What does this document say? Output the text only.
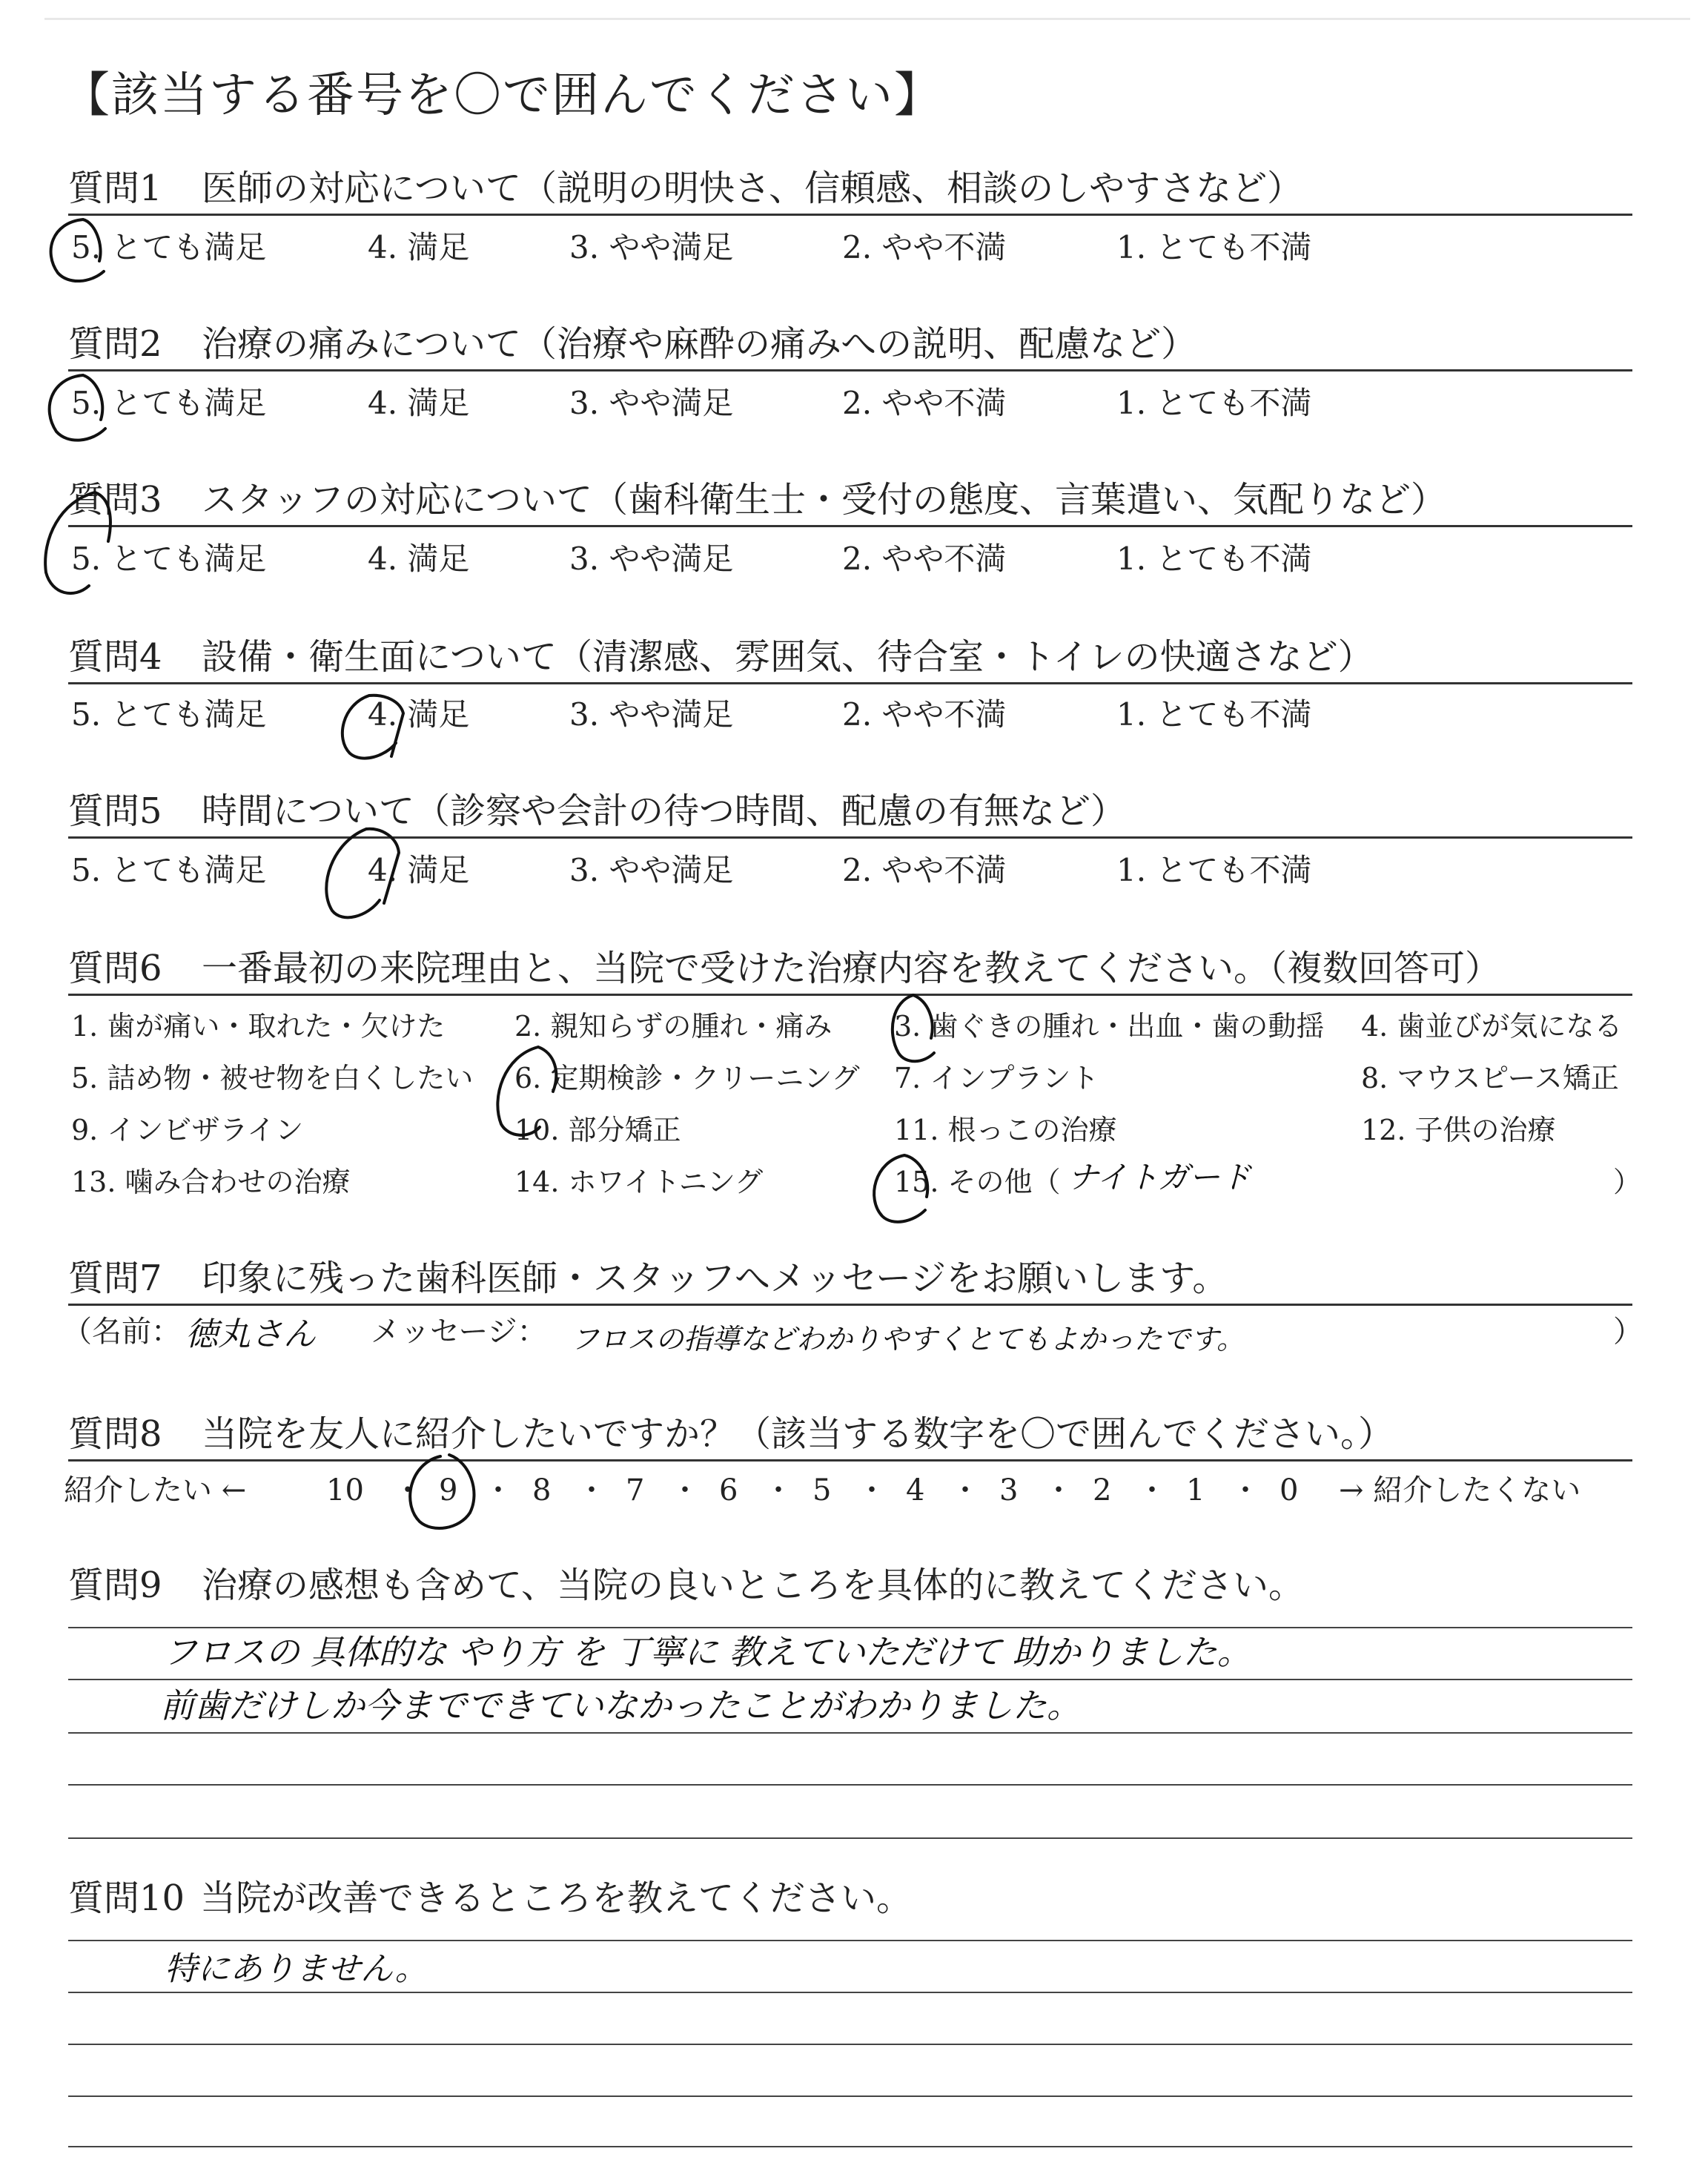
【該当する番号を〇で囲んでください】
質問1 医師の対応について（説明の明快さ、信頼感、相談のしやすさなど）
5. とても満足	4. 満足	3. やや満足	2. やや不満	1. とても不満
質問2 治療の痛みについて（治療や麻酔の痛みへの説明、配慮など）
5. とても満足	4. 満足	3. やや満足	2. やや不満	1. とても不満
質問3 スタッフの対応について（歯科衛生士・受付の態度、言葉遣い、気配りなど）
5. とても満足	4. 満足	3. やや満足	2. やや不満	1. とても不満
質問4 設備・衛生面について（清潔感、雰囲気、待合室・トイレの快適さなど）
5. とても満足	4. 満足	3. やや満足	2. やや不満	1. とても不満
質問5 時間について（診察や会計の待つ時間、配慮の有無など）
5. とても満足	4. 満足	3. やや満足	2. やや不満	1. とても不満
質問6 一番最初の来院理由と、当院で受けた治療内容を教えてください。（複数回答可）
1. 歯が痛い・取れた・欠けた 2. 親知らずの腫れ・痛み 3. 歯ぐきの腫れ・出血・歯の動揺 4. 歯並びが気になる
5. 詰め物・被せ物を白くしたい 6. 定期検診・クリーニング 7. インプラント	8. マウスピース矯正
9. インビザライン	10. 部分矯正	11. 根っこの治療	12. 子供の治療
13. 噛み合わせの治療	14. ホワイトニング	15. その他（ ナイトガード	）
質問7 印象に残った歯科医師・スタッフへメッセージをお願いします。
（名前： 徳丸さん メッセージ： フロスの指導などわかりやすくとてもよかったです。	）
質問8 当院を友人に紹介したいですか？（該当する数字を〇で囲んでください。）
紹介したい ←	10	9	8	7	6	5	4	3	2	1	0 → 紹介したくない
・ ・ ・ ・ ・ ・ ・ ・ ・ ・
質問9 治療の感想も含めて、当院の良いところを具体的に教えてください。
フロスの 具体的な やり方 を 丁寧に 教えていただけて 助かりました。
前歯だけしか今までできていなかったことがわかりました。
質問10 当院が改善できるところを教えてください。
特にありません。
